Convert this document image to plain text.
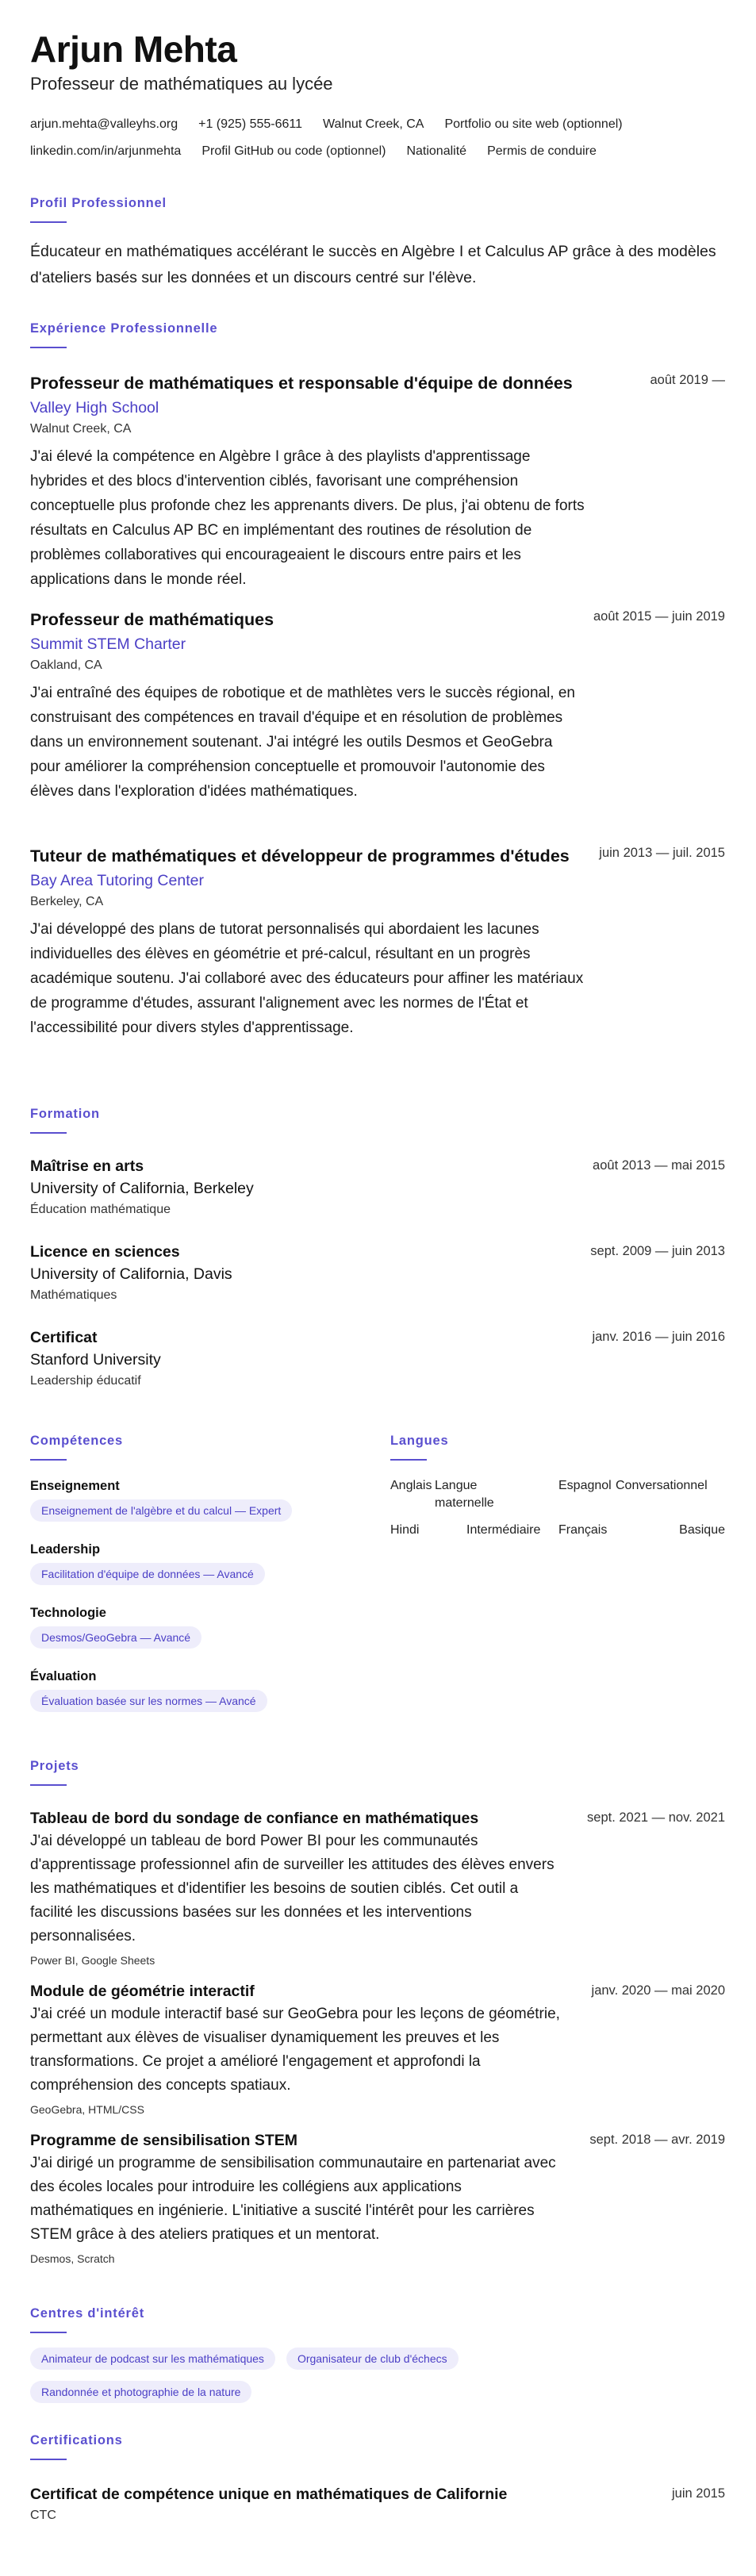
Arjun Mehta
Professeur de mathématiques au lycée
arjun.mehta@valleyhs.org +1 (925) 555-6611 Walnut Creek, CA Portfolio ou site web (optionnel)
linkedin.com/in/arjunmehta Profil GitHub ou code (optionnel) Nationalité Permis de conduire
Profil Professionnel
Éducateur en mathématiques accélérant le succès en Algèbre I et Calculus AP grâce à des modèles d'ateliers basés sur les données et un discours centré sur l'élève.
Expérience Professionnelle
Professeur de mathématiques et responsable d'équipe de données	août 2019 —
Valley High School
Walnut Creek, CA
J'ai élevé la compétence en Algèbre I grâce à des playlists d'apprentissage hybrides et des blocs d'intervention ciblés, favorisant une compréhension conceptuelle plus profonde chez les apprenants divers. De plus, j'ai obtenu de forts résultats en Calculus AP BC en implémentant des routines de résolution de problèmes collaboratives qui encourageaient le discours entre pairs et les applications dans le monde réel.
Professeur de mathématiques	août 2015 — juin 2019
Summit STEM Charter
Oakland, CA
J'ai entraîné des équipes de robotique et de mathlètes vers le succès régional, en construisant des compétences en travail d'équipe et en résolution de problèmes dans un environnement soutenant. J'ai intégré les outils Desmos et GeoGebra pour améliorer la compréhension conceptuelle et promouvoir l'autonomie des élèves dans l'exploration d'idées mathématiques.
Tuteur de mathématiques et développeur de programmes d'études	juin 2013 — juil. 2015
Bay Area Tutoring Center
Berkeley, CA
J'ai développé des plans de tutorat personnalisés qui abordaient les lacunes individuelles des élèves en géométrie et pré-calcul, résultant en un progrès académique soutenu. J'ai collaboré avec des éducateurs pour affiner les matériaux de programme d'études, assurant l'alignement avec les normes de l'État et l'accessibilité pour divers styles d'apprentissage.
Formation
Maîtrise en arts	août 2013 — mai 2015
University of California, Berkeley
Éducation mathématique
Licence en sciences	sept. 2009 — juin 2013
University of California, Davis
Mathématiques
Certificat	janv. 2016 — juin 2016
Stanford University
Leadership éducatif
Compétences
Enseignement
Enseignement de l'algèbre et du calcul — Expert
Leadership
Facilitation d'équipe de données — Avancé
Technologie
Desmos/GeoGebra — Avancé
Évaluation
Évaluation basée sur les normes — Avancé
Langues
Anglais Langue maternelle
Espagnol Conversationnel
Hindi	Intermédiaire Français	Basique
Projets
Tableau de bord du sondage de confiance en mathématiques	sept. 2021 — nov. 2021
J'ai développé un tableau de bord Power BI pour les communautés d'apprentissage professionnel afin de surveiller les attitudes des élèves envers les mathématiques et d'identifier les besoins de soutien ciblés. Cet outil a facilité les discussions basées sur les données et les interventions personnalisées.
Power BI, Google Sheets
Module de géométrie interactif	janv. 2020 — mai 2020
J'ai créé un module interactif basé sur GeoGebra pour les leçons de géométrie, permettant aux élèves de visualiser dynamiquement les preuves et les transformations. Ce projet a amélioré l'engagement et approfondi la compréhension des concepts spatiaux.
GeoGebra, HTML/CSS
Programme de sensibilisation STEM	sept. 2018 — avr. 2019
J'ai dirigé un programme de sensibilisation communautaire en partenariat avec des écoles locales pour introduire les collégiens aux applications mathématiques en ingénierie. L'initiative a suscité l'intérêt pour les carrières STEM grâce à des ateliers pratiques et un mentorat.
Desmos, Scratch
Centres d'intérêt
Animateur de podcast sur les mathématiques	Organisateur de club d'échecsRandonnée et photographie de la nature
Certifications
Certificat de compétence unique en mathématiques de Californie	juin 2015
CTC
